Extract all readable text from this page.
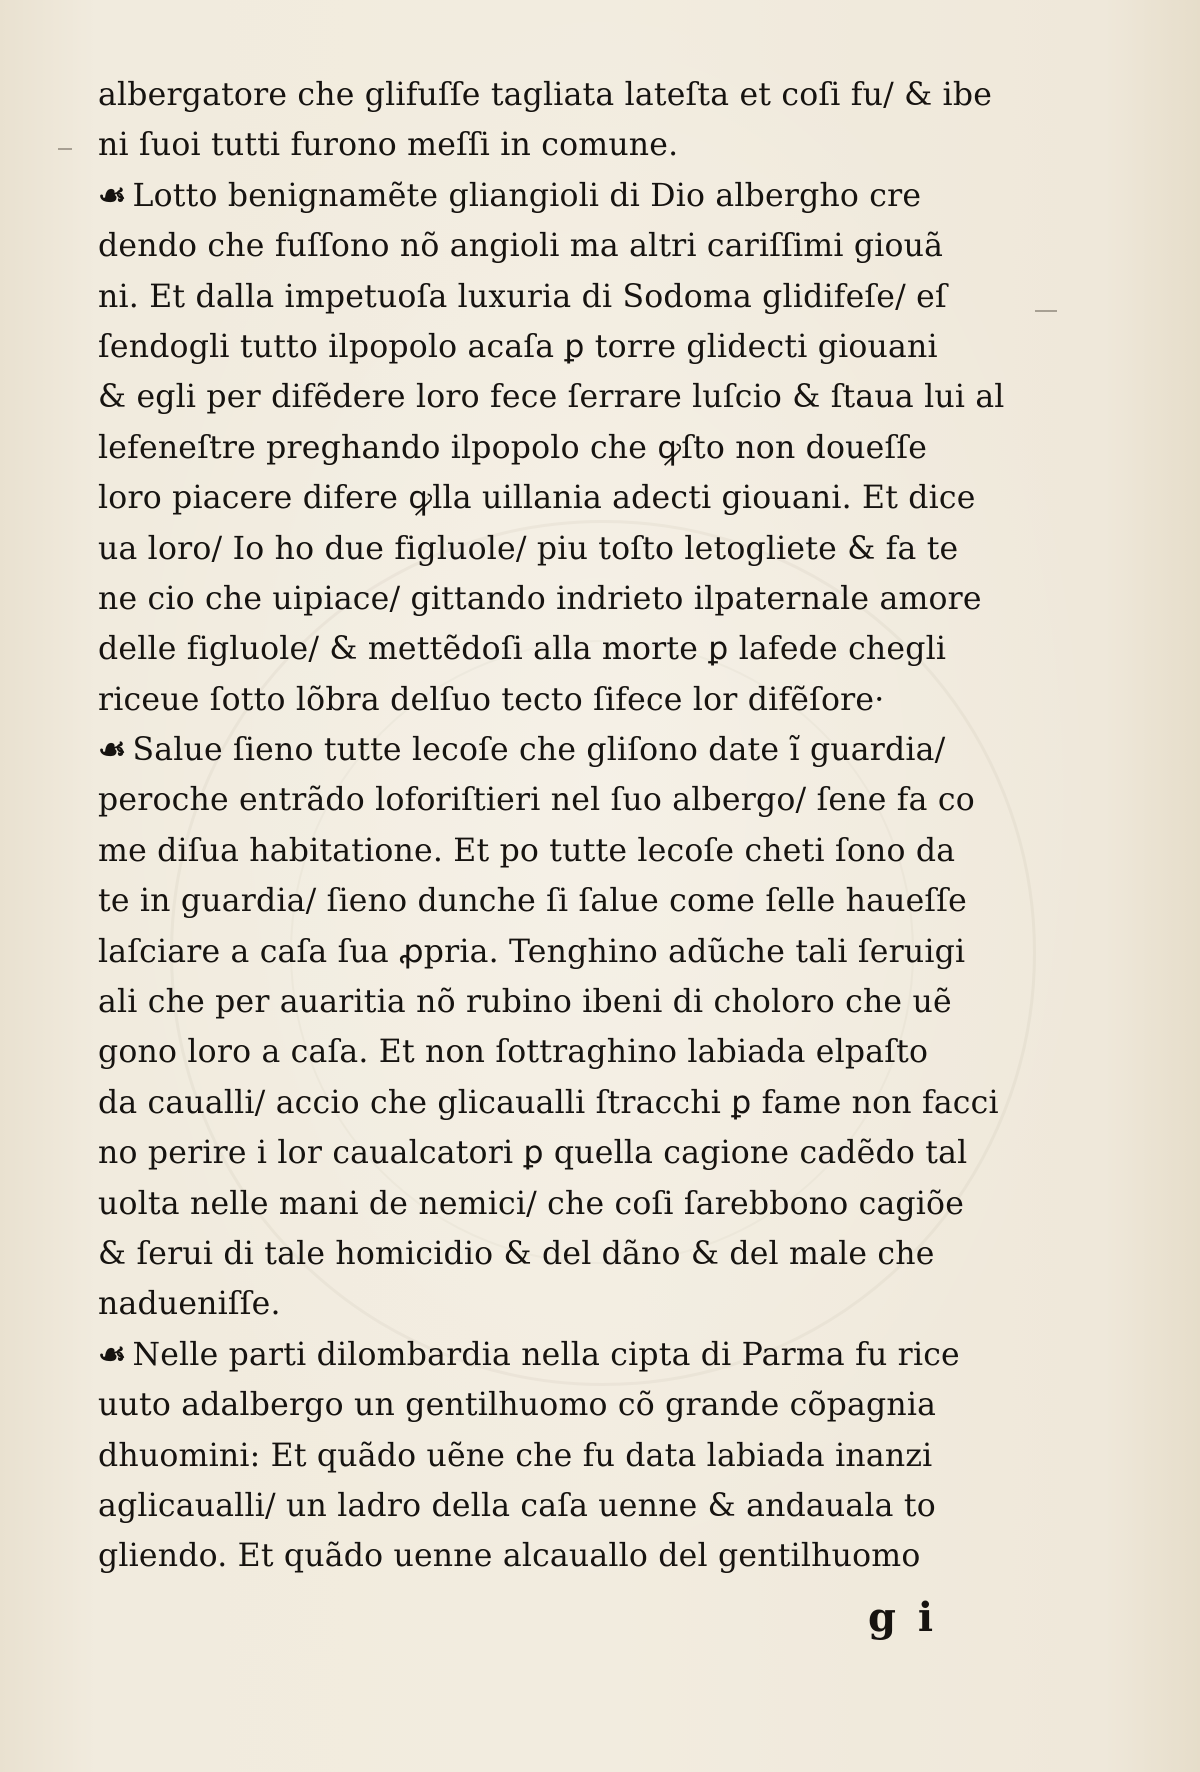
albergatore che glifuſſe tagliata lateſta et coſi fu/ & ibe
ni ſuoi tutti furono meſſi in comune.
☙ Lotto benignamẽte gliangioli di Dio albergho cre
dendo che fuſſono nõ angioli ma altri cariſſimi giouã
ni. Et dalla impetuoſa luxuria di Sodoma glidifeſe/ eſ
ſendogli tutto ilpopolo acaſa ꝑ torre glidecti giouani
& egli per difẽdere loro fece ſerrare luſcio & ſtaua lui al
lefeneſtre preghando ilpopolo che ꝙſto non doueſſe
loro piacere difere ꝙlla uillania adecti giouani. Et dice
ua loro/ Io ho due figluole/ piu toſto letogliete & fa te
ne cio che uipiace/ gittando indrieto ilpaternale amore
delle figluole/ & mettẽdoſi alla morte ꝑ lafede chegli
riceue ſotto lõbra delſuo tecto ſifece lor difẽſore·
☙ Salue ſieno tutte lecoſe che gliſono date ĩ guardia/
peroche entrãdo loforiſtieri nel ſuo albergo/ ſene fa co
me diſua habitatione. Et po tutte lecoſe cheti ſono da
te in guardia/ ſieno dunche ſi ſalue come ſelle haueſſe
laſciare a caſa ſua ꝓpria. Tenghino adũche tali ſeruigi
ali che per auaritia nõ rubino ibeni di choloro che uẽ
gono loro a caſa. Et non ſottraghino labiada elpaſto
da caualli/ accio che glicaualli ſtracchi ꝑ fame non facci
no perire i lor caualcatori ꝑ quella cagione cadẽdo tal
uolta nelle mani de nemici/ che coſi ſarebbono cagiõe
& ſerui di tale homicidio & del dãno & del male che
nadueniſſe.
☙ Nelle parti dilombardia nella cipta di Parma fu rice
uuto adalbergo un gentilhuomo cõ grande cõpagnia
dhuomini: Et quãdo uẽne che fu data labiada inanzi
aglicaualli/ un ladro della caſa uenne & andauala to
gliendo. Et quãdo uenne alcauallo del gentilhuomo
g i
